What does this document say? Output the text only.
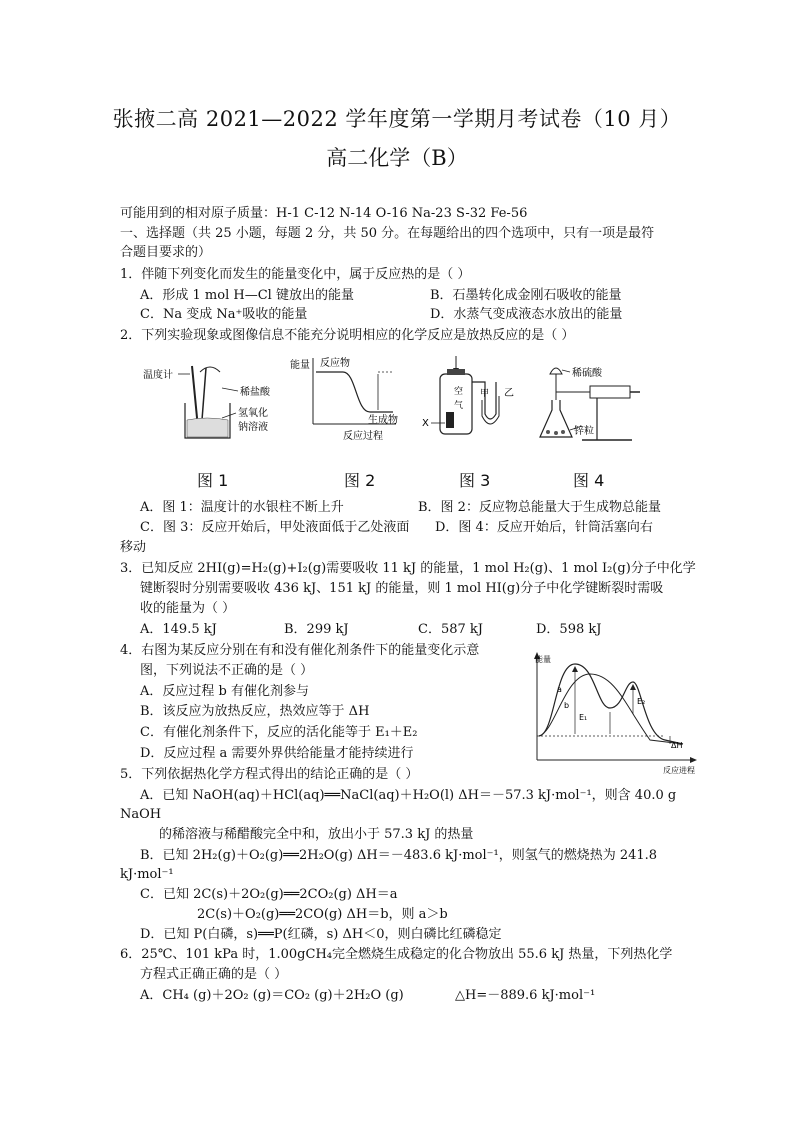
张掖二高 2021—2022 学年度第一学期月考试卷（10 月）
高二化学（B）
可能用到的相对原子质量：H-1 C-12 N-14 O-16 Na-23 S-32 Fe-56
一、选择题（共 25 小题，每题 2 分，共 50 分。在每题给出的四个选项中，只有一项是最符
合题目要求的）
1．伴随下列变化而发生的能量变化中，属于反应热的是（ ）
A．形成 1 mol H—Cl 键放出的能量	B．石墨转化成金刚石吸收的能量
C．Na 变成 Na⁺吸收的能量	D．水蒸气变成液态水放出的能量
2．下列实验现象或图像信息不能充分说明相应的化学反应是放热反应的是（ ）
温度计
稀盐酸
氢氧化
钠溶液
能量 反应物
生成物
反应过程
空
气
X
甲 乙
稀硫酸
锌粒
图 1	图 2	图 3	图 4
A．图 1：温度计的水银柱不断上升	B．图 2：反应物总能量大于生成物总能量
C．图 3：反应开始后，甲处液面低于乙处液面 D．图 4：反应开始后，针筒活塞向右
移动
3．已知反应 2HI(g)=H₂(g)+I₂(g)需要吸收 11 kJ 的能量，1 mol H₂(g)、1 mol I₂(g)分子中化学
键断裂时分别需要吸收 436 kJ、151 kJ 的能量，则 1 mol HI(g)分子中化学键断裂时需吸
收的能量为（ ）
A．149.5 kJ	B．299 kJ	C．587 kJ	D．598 kJ
4．右图为某反应分别在有和没有催化剂条件下的能量变化示意
图，下列说法不正确的是（ ）
A．反应过程 b 有催化剂参与
B．该反应为放热反应，热效应等于 ΔH
C．有催化剂条件下，反应的活化能等于 E₁＋E₂
D．反应过程 a 需要外界供给能量才能持续进行
能量
反应进程
a
b
E₁
E₂
ΔH
5．下列依据热化学方程式得出的结论正确的是（ ）
A．已知 NaOH(aq)＋HCl(aq)══NaCl(aq)＋H₂O(l) ΔH＝－57.3 kJ·mol⁻¹，则含 40.0 g
NaOH
的稀溶液与稀醋酸完全中和，放出小于 57.3 kJ 的热量
B．已知 2H₂(g)＋O₂(g)══2H₂O(g) ΔH＝－483.6 kJ·mol⁻¹，则氢气的燃烧热为 241.8
kJ·mol⁻¹
C．已知 2C(s)＋2O₂(g)══2CO₂(g) ΔH＝a
2C(s)＋O₂(g)══2CO(g) ΔH＝b，则 a＞b
D．已知 P(白磷，s)══P(红磷，s) ΔH＜0，则白磷比红磷稳定
6．25℃、101 kPa 时，1.00gCH₄完全燃烧生成稳定的化合物放出 55.6 kJ 热量，下列热化学
方程式正确正确的是（ ）
A．CH₄ (g)＋2O₂ (g)＝CO₂ (g)＋2H₂O (g)	△H=－889.6 kJ·mol⁻¹
